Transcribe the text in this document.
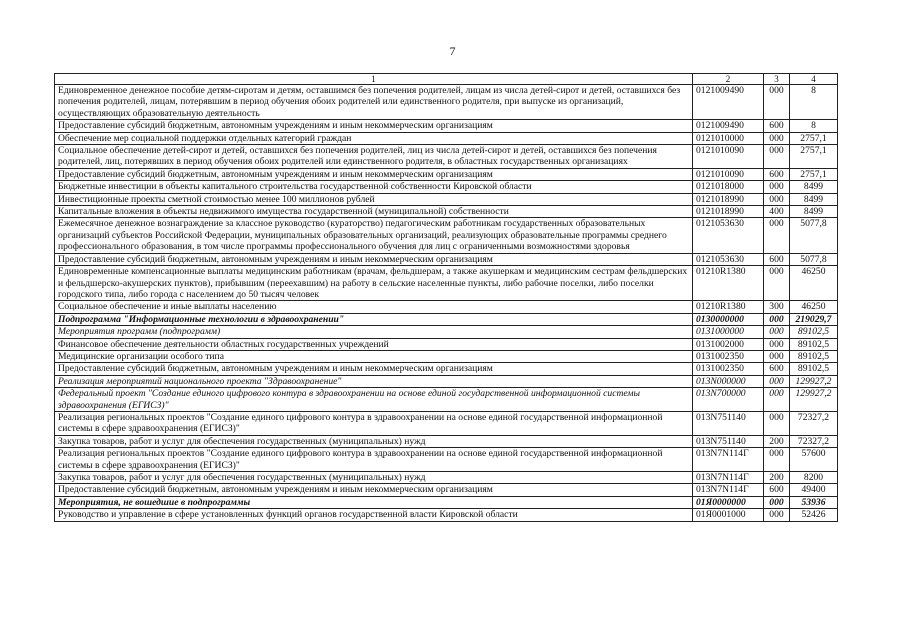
7
1	2	3	4
Единовременное денежное пособие детям-сиротам и детям, оставшимся без попечения родителей, лицам из числа детей-сирот и детей, оставшихся без попечения родителей, лицам, потерявшим в период обучения обоих родителей или единственного родителя, при выпуске из организаций, осуществляющих образовательную деятельность	0121009490	000	8
Предоставление субсидий бюджетным, автономным учреждениям и иным некоммерческим организациям	0121009490	600	8
Обеспечение мер социальной поддержки отдельных категорий граждан	0121010000	000	2757,1
Социальное обеспечение детей-сирот и детей, оставшихся без попечения родителей, лиц из числа детей-сирот и детей, оставшихся без попечения родителей, лиц, потерявших в период обучения обоих родителей или единственного родителя, в областных государственных организациях	0121010090	000	2757,1
Предоставление субсидий бюджетным, автономным учреждениям и иным некоммерческим организациям	0121010090	600	2757,1
Бюджетные инвестиции в объекты капитального строительства государственной собственности Кировской области	0121018000	000	8499
Инвестиционные проекты сметной стоимостью менее 100 миллионов рублей	0121018990	000	8499
Капитальные вложения в объекты недвижимого имущества государственной (муниципальной) собственности	0121018990	400	8499
Ежемесячное денежное вознаграждение за классное руководство (кураторство) педагогическим работникам государственных образовательных организаций субъектов Российской Федерации, муниципальных образовательных организаций, реализующих образовательные программы среднего профессионального образования, в том числе программы профессионального обучения для лиц с ограниченными возможностями здоровья	0121053630	000	5077,8
Предоставление субсидий бюджетным, автономным учреждениям и иным некоммерческим организациям	0121053630	600	5077,8
Единовременные компенсационные выплаты медицинским работникам (врачам, фельдшерам, а также акушеркам и медицинским сестрам фельдшерских и фельдшерско-акушерских пунктов), прибывшим (переехавшим) на работу в сельские населенные пункты, либо рабочие поселки, либо поселки городского типа, либо города с населением до 50 тысяч человек	01210R1380	000	46250
Социальное обеспечение и иные выплаты населению	01210R1380	300	46250
Подпрограмма "Информационные технологии в здравоохранении"	0130000000	000	219029,7
Мероприятия программ (подпрограмм)	0131000000	000	89102,5
Финансовое обеспечение деятельности областных государственных учреждений	0131002000	000	89102,5
Медицинские организации особого типа	0131002350	000	89102,5
Предоставление субсидий бюджетным, автономным учреждениям и иным некоммерческим организациям	0131002350	600	89102,5
Реализация мероприятий национального проекта "Здравоохранение"	013N000000	000	129927,2
Федеральный проект "Создание единого цифрового контура в здравоохранении на основе единой государственной информационной системы здравоохранения (ЕГИСЗ)"	013N700000	000	129927,2
Реализация региональных проектов "Создание единого цифрового контура в здравоохранении на основе единой государственной информационной системы в сфере здравоохранения (ЕГИСЗ)"	013N751140	000	72327,2
Закупка товаров, работ и услуг для обеспечения государственных (муниципальных) нужд	013N751140	200	72327,2
Реализация региональных проектов "Создание единого цифрового контура в здравоохранении на основе единой государственной информационной системы в сфере здравоохранения (ЕГИСЗ)"	013N7N114Г	000	57600
Закупка товаров, работ и услуг для обеспечения государственных (муниципальных) нужд	013N7N114Г	200	8200
Предоставление субсидий бюджетным, автономным учреждениям и иным некоммерческим организациям	013N7N114Г	600	49400
Мероприятия, не вошедшие в подпрограммы	01Я0000000	000	53936
Руководство и управление в сфере установленных функций органов государственной власти Кировской области	01Я0001000	000	52426
